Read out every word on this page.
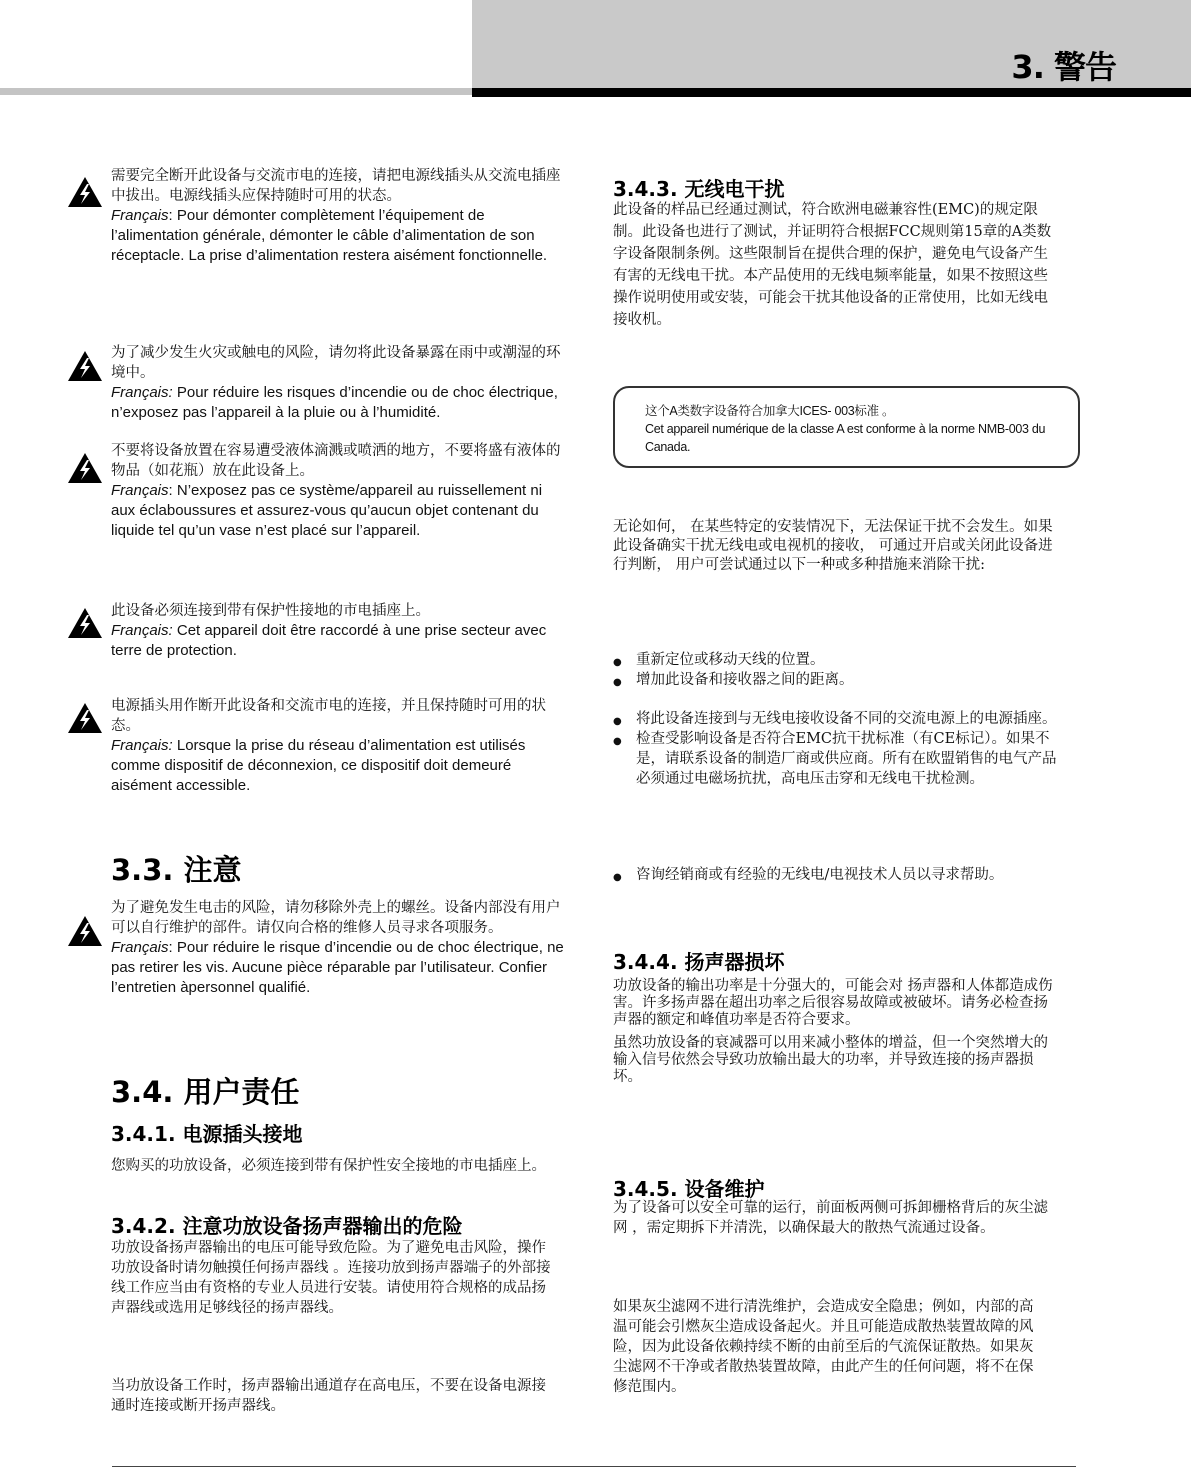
3. 警告
需要完全断开此设备与交流市电的连接，请把电源线插头从交流电插座中拔出。电源线插头应保持随时可用的状态。
Français: Pour démonter complètement l’équipement de l’alimentation générale, démonter le câble d’alimentation de son réceptacle. La prise d’alimentation restera aisément fonctionnelle.
为了减少发生火灾或触电的风险，请勿将此设备暴露在雨中或潮湿的环境中。
Français: Pour réduire les risques d’incendie ou de choc électrique, n’exposez pas l’appareil à la pluie ou à l’humidité.
不要将设备放置在容易遭受液体滴溅或喷洒的地方，不要将盛有液体的物品（如花瓶）放在此设备上。
Français: N’exposez pas ce système/appareil au ruissellement ni aux éclaboussures et assurez-vous qu’aucun objet contenant du liquide tel qu’un vase n’est placé sur l’appareil.
此设备必须连接到带有保护性接地的市电插座上。
Français: Cet appareil doit être raccordé à une prise secteur avec terre de protection.
电源插头用作断开此设备和交流市电的连接，并且保持随时可用的状态。
Français: Lorsque la prise du réseau d’alimentation est utilisés comme dispositif de déconnexion, ce dispositif doit demeuré aisément accessible.
3.3. 注意
为了避免发生电击的风险，请勿移除外壳上的螺丝。设备内部没有用户可以自行维护的部件。请仅向合格的维修人员寻求各项服务。
Français: Pour réduire le risque d’incendie ou de choc électrique, ne pas retirer les vis. Aucune pièce réparable par l’utilisateur. Confier l’entretien àpersonnel qualifié.
3.4. 用户责任
3.4.1. 电源插头接地
您购买的功放设备，必须连接到带有保护性安全接地的市电插座上。
3.4.2. 注意功放设备扬声器输出的危险
功放设备扬声器输出的电压可能导致危险。为了避免电击风险，操作功放设备时请勿触摸任何扬声器线 。连接功放到扬声器端子的外部接线工作应当由有资格的专业人员进行安装。请使用符合规格的成品扬声器线或选用足够线径的扬声器线。
当功放设备工作时，扬声器输出通道存在高电压，不要在设备电源接通时连接或断开扬声器线。
3.4.3. 无线电干扰
此设备的样品已经通过测试，符合欧洲电磁兼容性(EMC)的规定限制。此设备也进行了测试，并证明符合根据FCC规则第15章的A类数字设备限制条例。这些限制旨在提供合理的保护，避免电气设备产生有害的无线电干扰。本产品使用的无线电频率能量，如果不按照这些操作说明使用或安装，可能会干扰其他设备的正常使用，比如无线电接收机。
这个A类数字设备符合加拿大ICES- 003标准 。
Cet appareil numérique de la classe A est conforme à la norme NMB-003 du Canada.
无论如何， 在某些特定的安装情况下，无法保证干扰不会发生。如果此设备确实干扰无线电或电视机的接收， 可通过开启或关闭此设备进行判断， 用户可尝试通过以下一种或多种措施来消除干扰:
● 重新定位或移动天线的位置。
● 增加此设备和接收器之间的距离。
● 将此设备连接到与无线电接收设备不同的交流电源上的电源插座。
● 检查受影响设备是否符合EMC抗干扰标准（有CE标记）。如果不是，请联系设备的制造厂商或供应商。所有在欧盟销售的电气产品必须通过电磁场抗扰，高电压击穿和无线电干扰检测。
● 咨询经销商或有经验的无线电/电视技术人员以寻求帮助。
3.4.4. 扬声器损坏
功放设备的输出功率是十分强大的，可能会对 扬声器和人体都造成伤害。许多扬声器在超出功率之后很容易故障或被破坏。请务必检查扬声器的额定和峰值功率是否符合要求。
虽然功放设备的衰减器可以用来减小整体的增益，但一个突然增大的输入信号依然会导致功放输出最大的功率，并导致连接的扬声器损坏。
3.4.5. 设备维护
为了设备可以安全可靠的运行，前面板两侧可拆卸栅格背后的灰尘滤网 ，需定期拆下并清洗，以确保最大的散热气流通过设备。
如果灰尘滤网不进行清洗维护，会造成安全隐患；例如，内部的高温可能会引燃灰尘造成设备起火。并且可能造成散热装置故障的风险，因为此设备依赖持续不断的由前至后的气流保证散热。如果灰尘滤网不干净或者散热装置故障，由此产生的任何问题，将不在保修范围内。
